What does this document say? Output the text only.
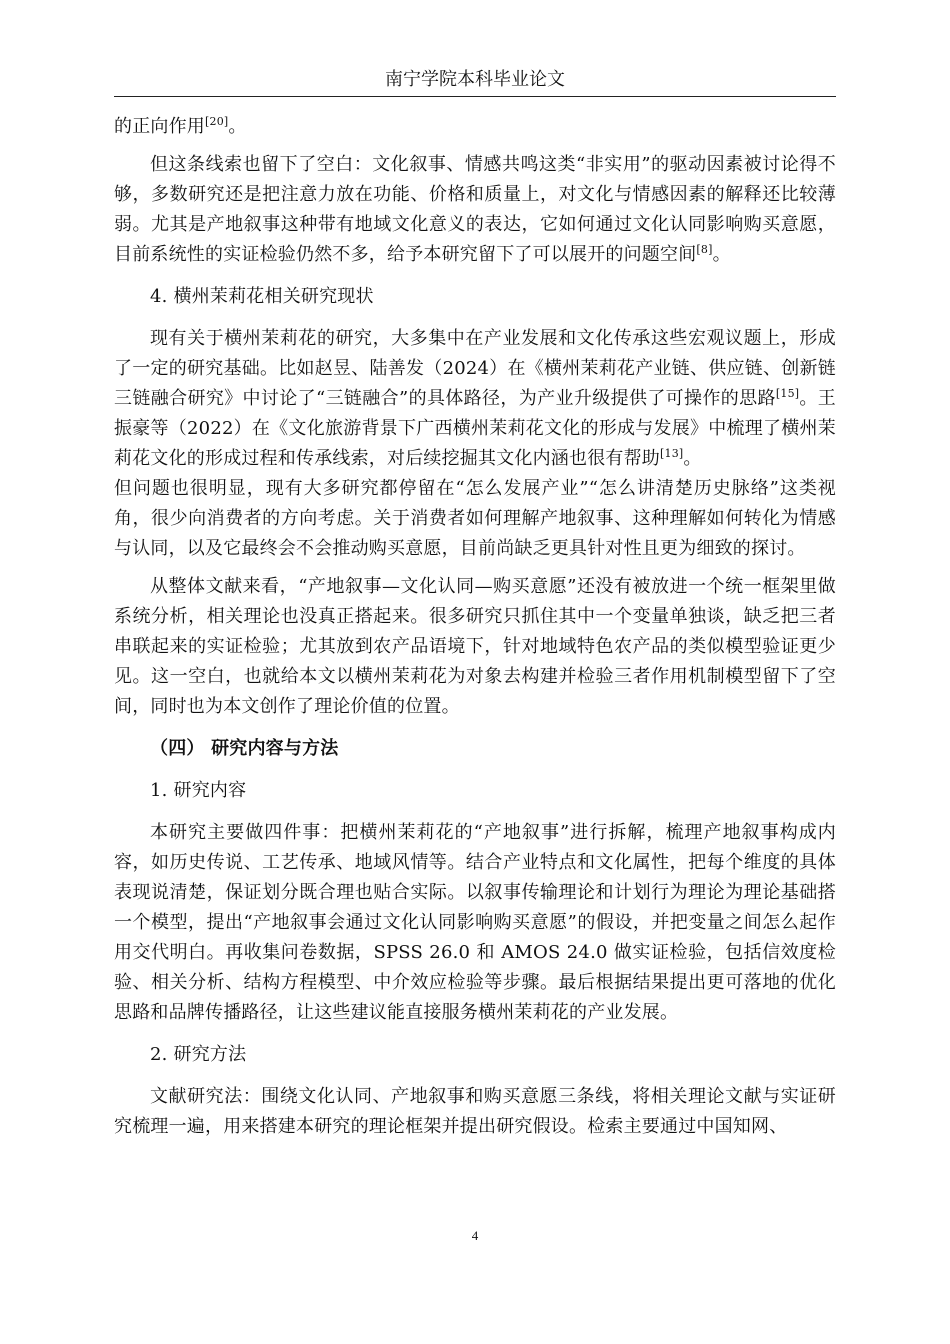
南宁学院本科毕业论文

的正向作用[20]。

但这条线索也留下了空白：文化叙事、情感共鸣这类“非实用”的驱动因素被讨论得不够，多数研究还是把注意力放在功能、价格和质量上，对文化与情感因素的解释还比较薄弱。尤其是产地叙事这种带有地域文化意义的表达，它如何通过文化认同影响购买意愿，目前系统性的实证检验仍然不多，给予本研究留下了可以展开的问题空间[8]。

4. 横州茉莉花相关研究现状

现有关于横州茉莉花的研究，大多集中在产业发展和文化传承这些宏观议题上，形成了一定的研究基础。比如赵昱、陆善发（2024）在《横州茉莉花产业链、供应链、创新链三链融合研究》中讨论了“三链融合”的具体路径，为产业升级提供了可操作的思路[15]。王振豪等（2022）在《文化旅游背景下广西横州茉莉花文化的形成与发展》中梳理了横州茉莉花文化的形成过程和传承线索，对后续挖掘其文化内涵也很有帮助[13]。

但问题也很明显，现有大多研究都停留在“怎么发展产业”“怎么讲清楚历史脉络”这类视角，很少向消费者的方向考虑。关于消费者如何理解产地叙事、这种理解如何转化为情感与认同，以及它最终会不会推动购买意愿，目前尚缺乏更具针对性且更为细致的探讨。

从整体文献来看，“产地叙事—文化认同—购买意愿”还没有被放进一个统一框架里做系统分析，相关理论也没真正搭起来。很多研究只抓住其中一个变量单独谈，缺乏把三者串联起来的实证检验；尤其放到农产品语境下，针对地域特色农产品的类似模型验证更少见。这一空白，也就给本文以横州茉莉花为对象去构建并检验三者作用机制模型留下了空间，同时也为本文创作了理论价值的位置。

（四） 研究内容与方法

1. 研究内容

本研究主要做四件事：把横州茉莉花的“产地叙事”进行拆解，梳理产地叙事构成内容，如历史传说、工艺传承、地域风情等。结合产业特点和文化属性，把每个维度的具体表现说清楚，保证划分既合理也贴合实际。以叙事传输理论和计划行为理论为理论基础搭一个模型，提出“产地叙事会通过文化认同影响购买意愿”的假设，并把变量之间怎么起作用交代明白。再收集问卷数据，SPSS 26.0 和 AMOS 24.0 做实证检验，包括信效度检验、相关分析、结构方程模型、中介效应检验等步骤。最后根据结果提出更可落地的优化思路和品牌传播路径，让这些建议能直接服务横州茉莉花的产业发展。

2. 研究方法

文献研究法：围绕文化认同、产地叙事和购买意愿三条线，将相关理论文献与实证研究梳理一遍，用来搭建本研究的理论框架并提出研究假设。检索主要通过中国知网、

4
